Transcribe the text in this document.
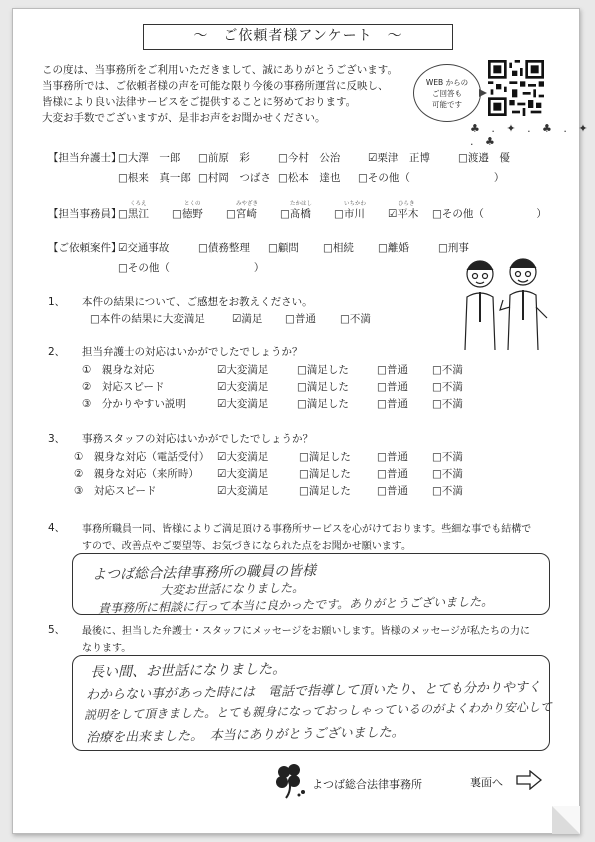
〜　ご依頼者様アンケート　〜
この度は、当事務所をご利用いただきまして、誠にありがとうございます。
当事務所では、ご依頼者様の声を可能な限り今後の事務所運営に反映し、
皆様により良い法律サービスをご提供することに努めております。
大変お手数でございますが、是非お声をお聞かせください。
WEB からの
ご回答も
可能です
♣ . ✦ . ♣ . ✦ . ♣
【担当弁護士】
□大澤　一郎 □前原　彩	□今村　公治	☑栗津　正博	□渡邉　優
□根来　真一郎 □村岡　つばさ □松本　達也 □その他（　　　　　　　　）
【担当事務員】
くろえ	とくの	みやざき	たかはし	いちかわ	ひらき
□黒江 □徳野 □宮崎 □髙橋 □市川 ☑平木 □その他（　　　　　）
【ご依頼案件】
☑交通事故	□債務整理 □顧問 □相続 □離婚	□刑事
□その他（　　　　　　　　）
1、 本件の結果について、ご感想をお教えください。
□本件の結果に大変満足	☑満足 □普通 □不満
2、 担当弁護士の対応はいかがでしたでしょうか？
①　親身な対応	☑大変満足	□満足した	□普通 □不満
②　対応スピード	☑大変満足	□満足した	□普通 □不満
③　分かりやすい説明	☑大変満足	□満足した	□普通 □不満
3、 事務スタッフの対応はいかがでしたでしょうか？
①　親身な対応（電話受付） ☑大変満足	□満足した □普通 □不満
②　親身な対応（来所時） ☑大変満足	□満足した □普通 □不満
③　対応スピード	☑大変満足	□満足した □普通 □不満
4、 事務所職員一同、皆様によりご満足頂ける事務所サービスを心がけております。些細な事でも結構で
すので、改善点やご要望等、お気づきになられた点をお聞かせ願います。
よつば総合法律事務所の職員の皆様
大変お世話になりました。
貴事務所に相談に行って本当に良かったです。ありがとうございました。
5、 最後に、担当した弁護士・スタッフにメッセージをお願いします。皆様のメッセージが私たちの力に
なります。
長い間、お世話になりました。
わからない事があった時には　電話で指導して頂いたり、とても分かりやすく
説明をして頂きました。とても親身になっておっしゃっているのがよくわかり安心して
治療を出来ました。　本当にありがとうございました。
よつば総合法律事務所	裏面へ
